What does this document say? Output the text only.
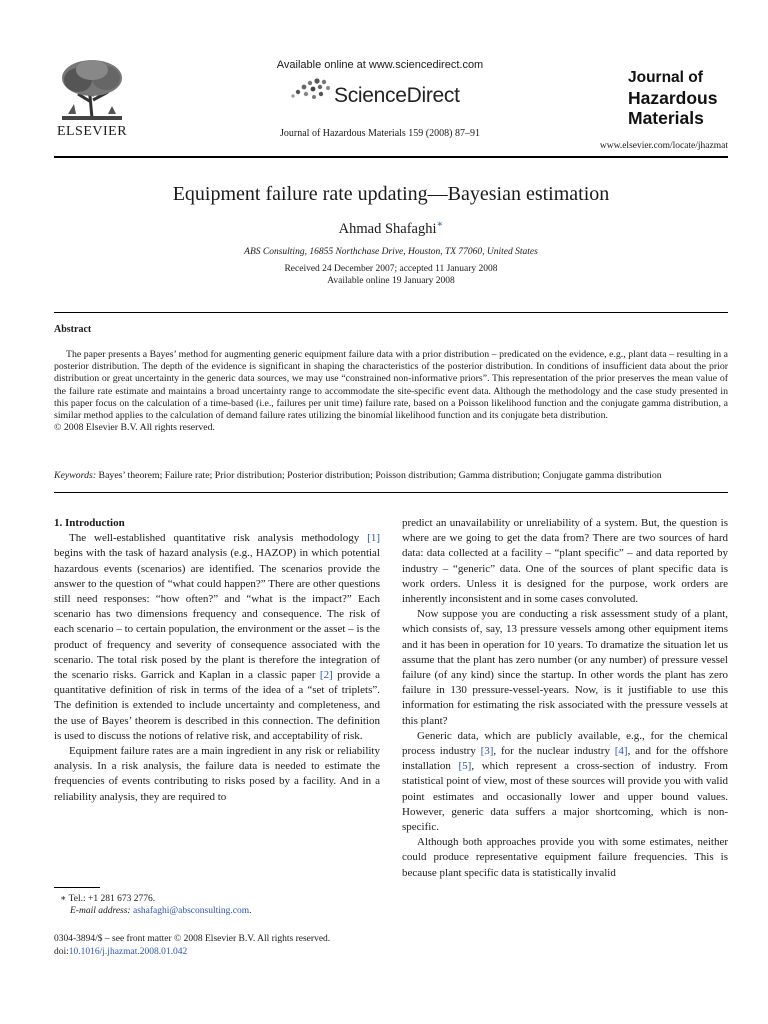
ELSEVIER
Available online at www.sciencedirect.com
ScienceDirect
Journal of Hazardous Materials 159 (2008) 87–91
Journal of
Hazardous
Materials
www.elsevier.com/locate/jhazmat
Equipment failure rate updating—Bayesian estimation
Ahmad Shafaghi∗
ABS Consulting, 16855 Northchase Drive, Houston, TX 77060, United States
Received 24 December 2007; accepted 11 January 2008
Available online 19 January 2008
Abstract

The paper presents a Bayes’ method for augmenting generic equipment failure data with a prior distribution – predicated on the evidence, e.g., plant data – resulting in a posterior distribution. The depth of the evidence is significant in shaping the characteristics of the posterior distribution. In conditions of insufficient data about the prior distribution or great uncertainty in the generic data sources, we may use “constrained non-informative priors”. This representation of the prior preserves the mean value of the failure rate estimate and maintains a broad uncertainty range to accommodate the site-specific event data. Although the methodology and the case study presented in this paper focus on the calculation of a time-based (i.e., failures per unit time) failure rate, based on a Poisson likelihood function and the conjugate gamma distribution, a similar method applies to the calculation of demand failure rates utilizing the binomial likelihood function and its conjugate beta distribution.

© 2008 Elsevier B.V. All rights reserved.

Keywords: Bayes’ theorem; Failure rate; Prior distribution; Posterior distribution; Poisson distribution; Gamma distribution; Conjugate gamma distribution

1. Introduction

The well-established quantitative risk analysis methodology [1] begins with the task of hazard analysis (e.g., HAZOP) in which potential hazardous events (scenarios) are identified. The scenarios provide the answer to the question of “what could happen?” There are other questions still need responses: “how often?” and “what is the impact?” Each scenario has two dimensions frequency and consequence. The risk of each scenario – to certain population, the environment or the asset – is the product of frequency and severity of consequence associated with the scenario. The total risk posed by the plant is therefore the integration of the scenario risks. Garrick and Kaplan in a classic paper [2] provide a quantitative definition of risk in terms of the idea of a “set of triplets”. The definition is extended to include uncertainty and completeness, and the use of Bayes’ theorem is described in this connection. The definition is used to discuss the notions of relative risk, and acceptability of risk.

Equipment failure rates are a main ingredient in any risk or reliability analysis. In a risk analysis, the failure data is needed to estimate the frequencies of events contributing to risks posed by a facility. And in a reliability analysis, they are required to

predict an unavailability or unreliability of a system. But, the question is where are we going to get the data from? There are two sources of hard data: data collected at a facility – “plant specific” – and data reported by industry – “generic” data. One of the sources of plant specific data is work orders. Unless it is designed for the purpose, work orders are inherently inconsistent and in some cases convoluted.

Now suppose you are conducting a risk assessment study of a plant, which consists of, say, 13 pressure vessels among other equipment items and it has been in operation for 10 years. To dramatize the situation let us assume that the plant has zero number (or any number) of pressure vessel failure (of any kind) since the startup. In other words the plant has zero failure in 130 pressure-vessel-years. Now, is it justifiable to use this information for estimating the risk associated with the pressure vessels at this plant?

Generic data, which are publicly available, e.g., for the chemical process industry [3], for the nuclear industry [4], and for the offshore installation [5], which represent a cross-section of industry. From statistical point of view, most of these sources will provide you with valid point estimates and occasionally lower and upper bound values. However, generic data suffers a major shortcoming, which is non-specific.

Although both approaches provide you with some estimates, neither could produce representative equipment failure frequencies. This is because plant specific data is statistically invalid

∗ Tel.: +1 281 673 2776.
E-mail address: ashafaghi@absconsulting.com.
0304-3894/$ – see front matter © 2008 Elsevier B.V. All rights reserved.
doi:10.1016/j.jhazmat.2008.01.042
